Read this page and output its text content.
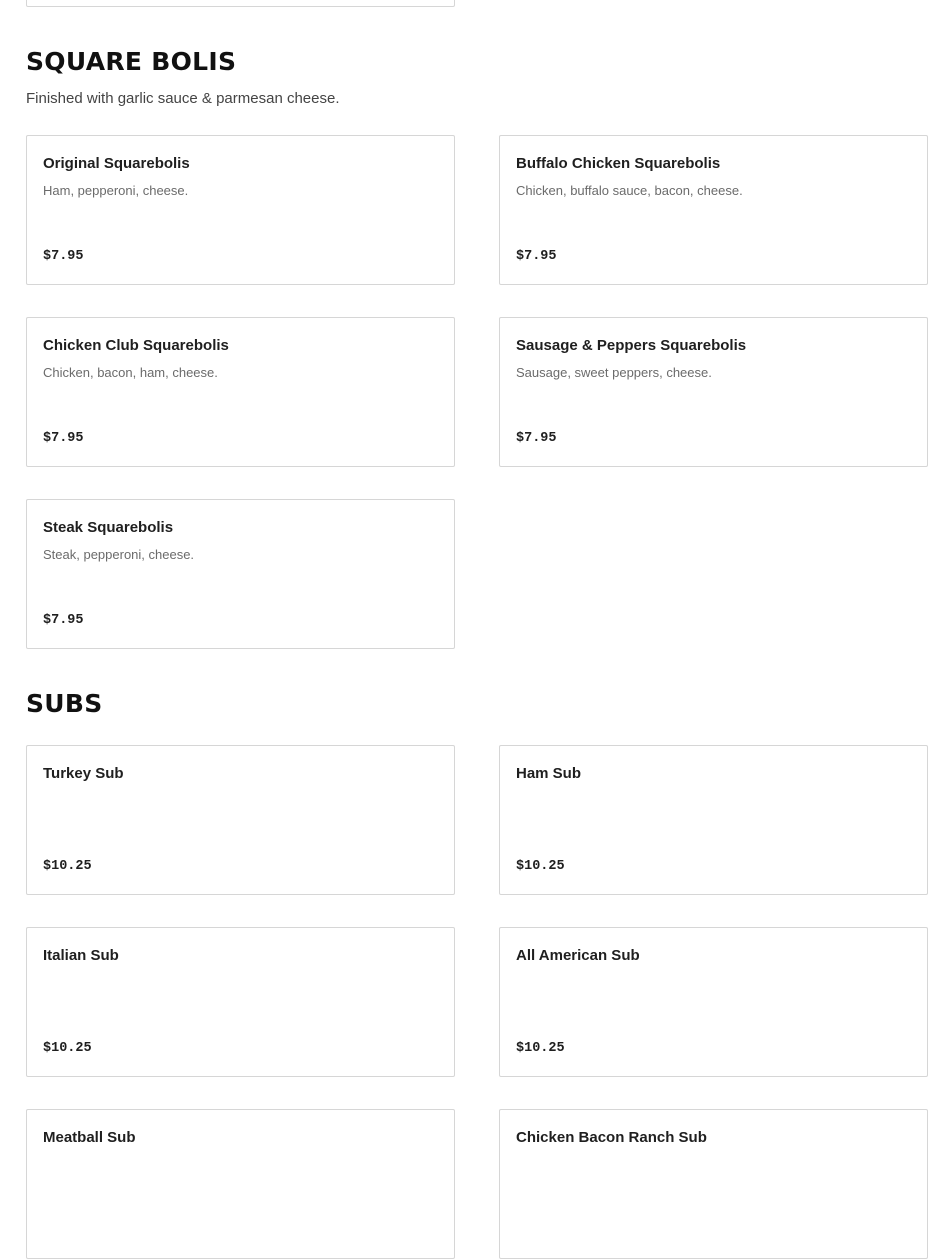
SQUARE BOLIS

Finished with garlic sauce & parmesan cheese.

Original Squarebolis
Ham, pepperoni, cheese.
$7.95
Buffalo Chicken Squarebolis
Chicken, buffalo sauce, bacon, cheese.
$7.95
Chicken Club Squarebolis
Chicken, bacon, ham, cheese.
$7.95
Sausage & Peppers Squarebolis
Sausage, sweet peppers, cheese.
$7.95
Steak Squarebolis
Steak, pepperoni, cheese.
$7.95
SUBS
Turkey Sub
$10.25
Ham Sub
$10.25
Italian Sub
$10.25
All American Sub
$10.25
Meatball Sub	Chicken Bacon Ranch Sub
